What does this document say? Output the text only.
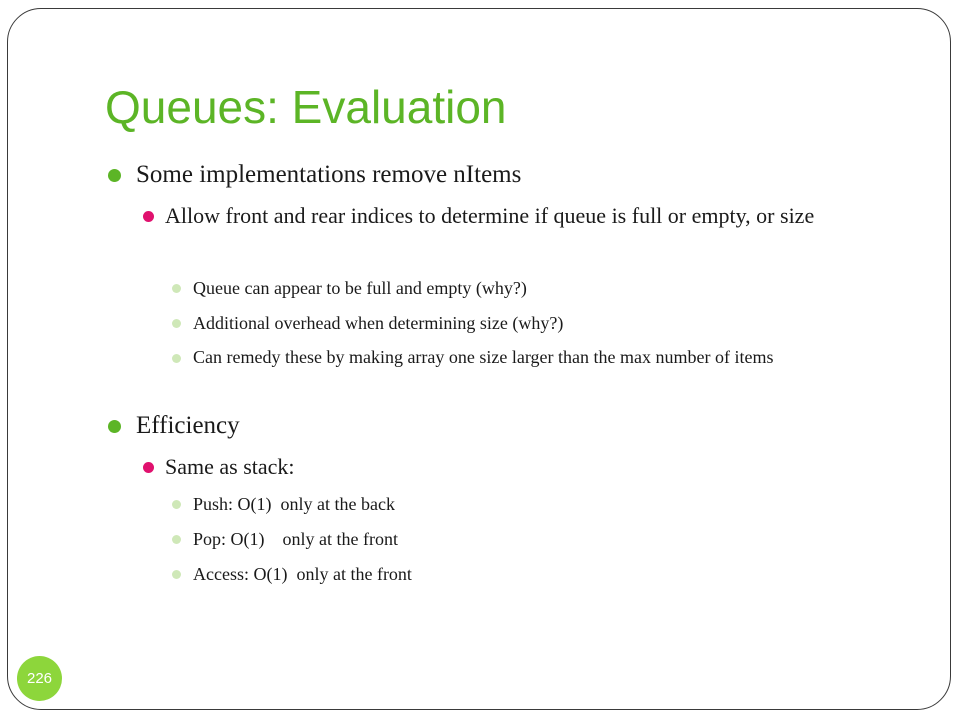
Queues: Evaluation

Some implementations remove nItems

Allow front and rear indices to determine if queue is full or empty, or size

Queue can appear to be full and empty (why?)

Additional overhead when determining size (why?)

Can remedy these by making array one size larger than the max number of items

Efficiency

Same as stack:

Push: O(1)  only at the back

Pop: O(1)    only at the front

Access: O(1)  only at the front

226
